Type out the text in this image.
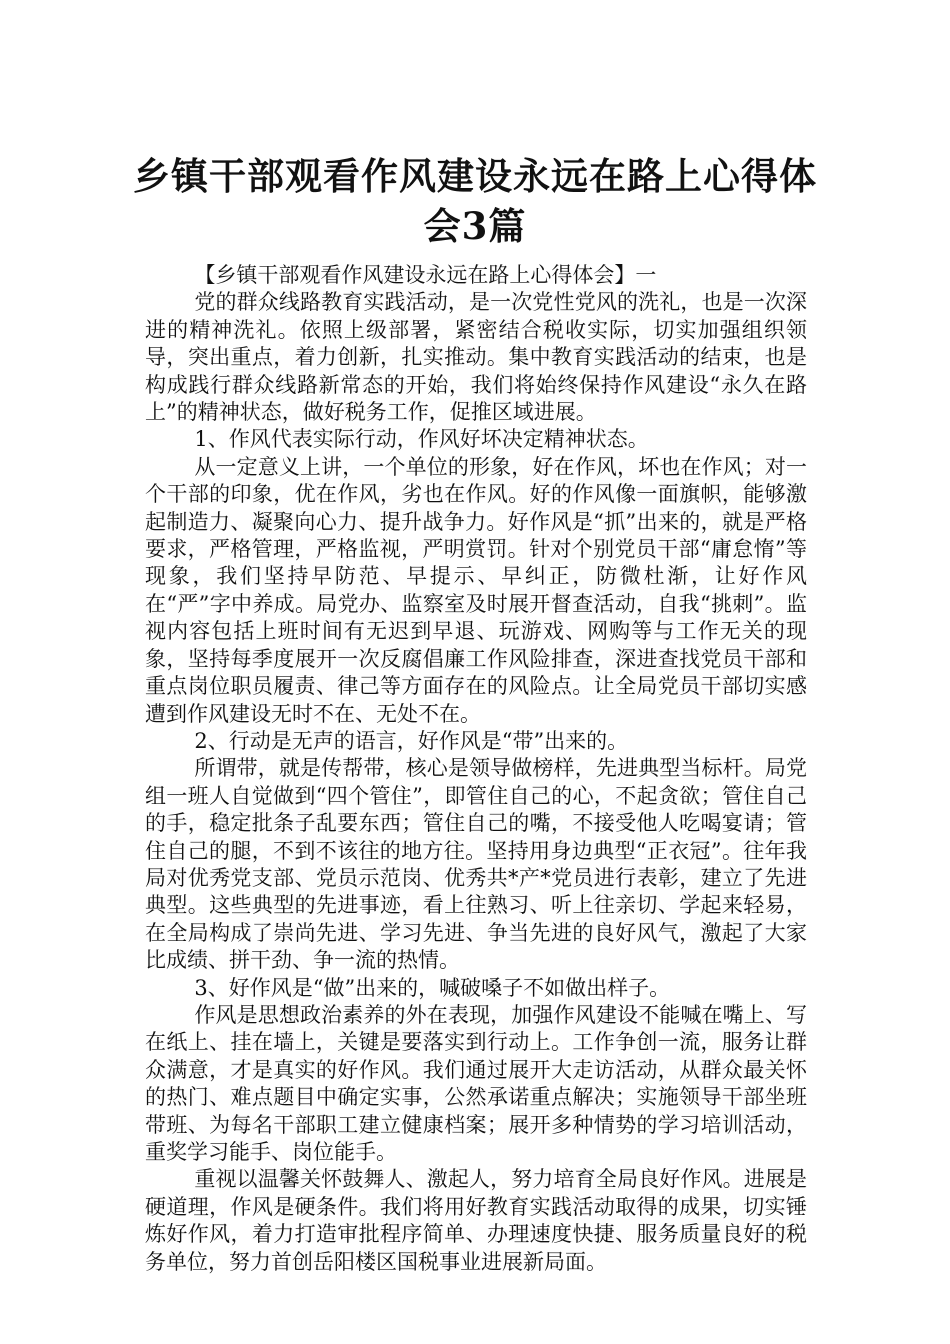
乡镇干部观看作风建设永远在路上心得体会3篇

【乡镇干部观看作风建设永远在路上心得体会】一

党的群众线路教育实践活动，是一次党性党风的洗礼，也是一次深进的精神洗礼。依照上级部署，紧密结合税收实际，切实加强组织领导，突出重点，着力创新，扎实推动。集中教育实践活动的结束，也是构成践行群众线路新常态的开始，我们将始终保持作风建设“永久在路上”的精神状态，做好税务工作，促推区域进展。

1、作风代表实际行动，作风好坏决定精神状态。

从一定意义上讲，一个单位的形象，好在作风，坏也在作风；对一个干部的印象，优在作风，劣也在作风。好的作风像一面旗帜，能够激起制造力、凝聚向心力、提升战争力。好作风是“抓”出来的，就是严格要求，严格管理，严格监视，严明赏罚。针对个别党员干部“庸怠惰”等现象，我们坚持早防范、早提示、早纠正，防微杜渐，让好作风在“严”字中养成。局党办、监察室及时展开督查活动，自我“挑刺”。监视内容包括上班时间有无迟到早退、玩游戏、网购等与工作无关的现象，坚持每季度展开一次反腐倡廉工作风险排查，深进查找党员干部和重点岗位职员履责、律己等方面存在的风险点。让全局党员干部切实感遭到作风建设无时不在、无处不在。

2、行动是无声的语言，好作风是“带”出来的。

所谓带，就是传帮带，核心是领导做榜样，先进典型当标杆。局党组一班人自觉做到“四个管住”，即管住自己的心，不起贪欲；管住自己的手，稳定批条子乱要东西；管住自己的嘴，不接受他人吃喝宴请；管住自己的腿，不到不该往的地方往。坚持用身边典型“正衣冠”。往年我局对优秀党支部、党员示范岗、优秀共*产*党员进行表彰，建立了先进典型。这些典型的先进事迹，看上往熟习、听上往亲切、学起来轻易，在全局构成了崇尚先进、学习先进、争当先进的良好风气，激起了大家比成绩、拼干劲、争一流的热情。

3、好作风是“做”出来的，喊破嗓子不如做出样子。

作风是思想政治素养的外在表现，加强作风建设不能喊在嘴上、写在纸上、挂在墙上，关键是要落实到行动上。工作争创一流，服务让群众满意，才是真实的好作风。我们通过展开大走访活动，从群众最关怀的热门、难点题目中确定实事，公然承诺重点解决；实施领导干部坐班带班、为每名干部职工建立健康档案；展开多种情势的学习培训活动，重奖学习能手、岗位能手。

重视以温馨关怀鼓舞人、激起人，努力培育全局良好作风。进展是硬道理，作风是硬条件。我们将用好教育实践活动取得的成果，切实锤炼好作风，着力打造审批程序简单、办理速度快捷、服务质量良好的税务单位，努力首创岳阳楼区国税事业进展新局面。
